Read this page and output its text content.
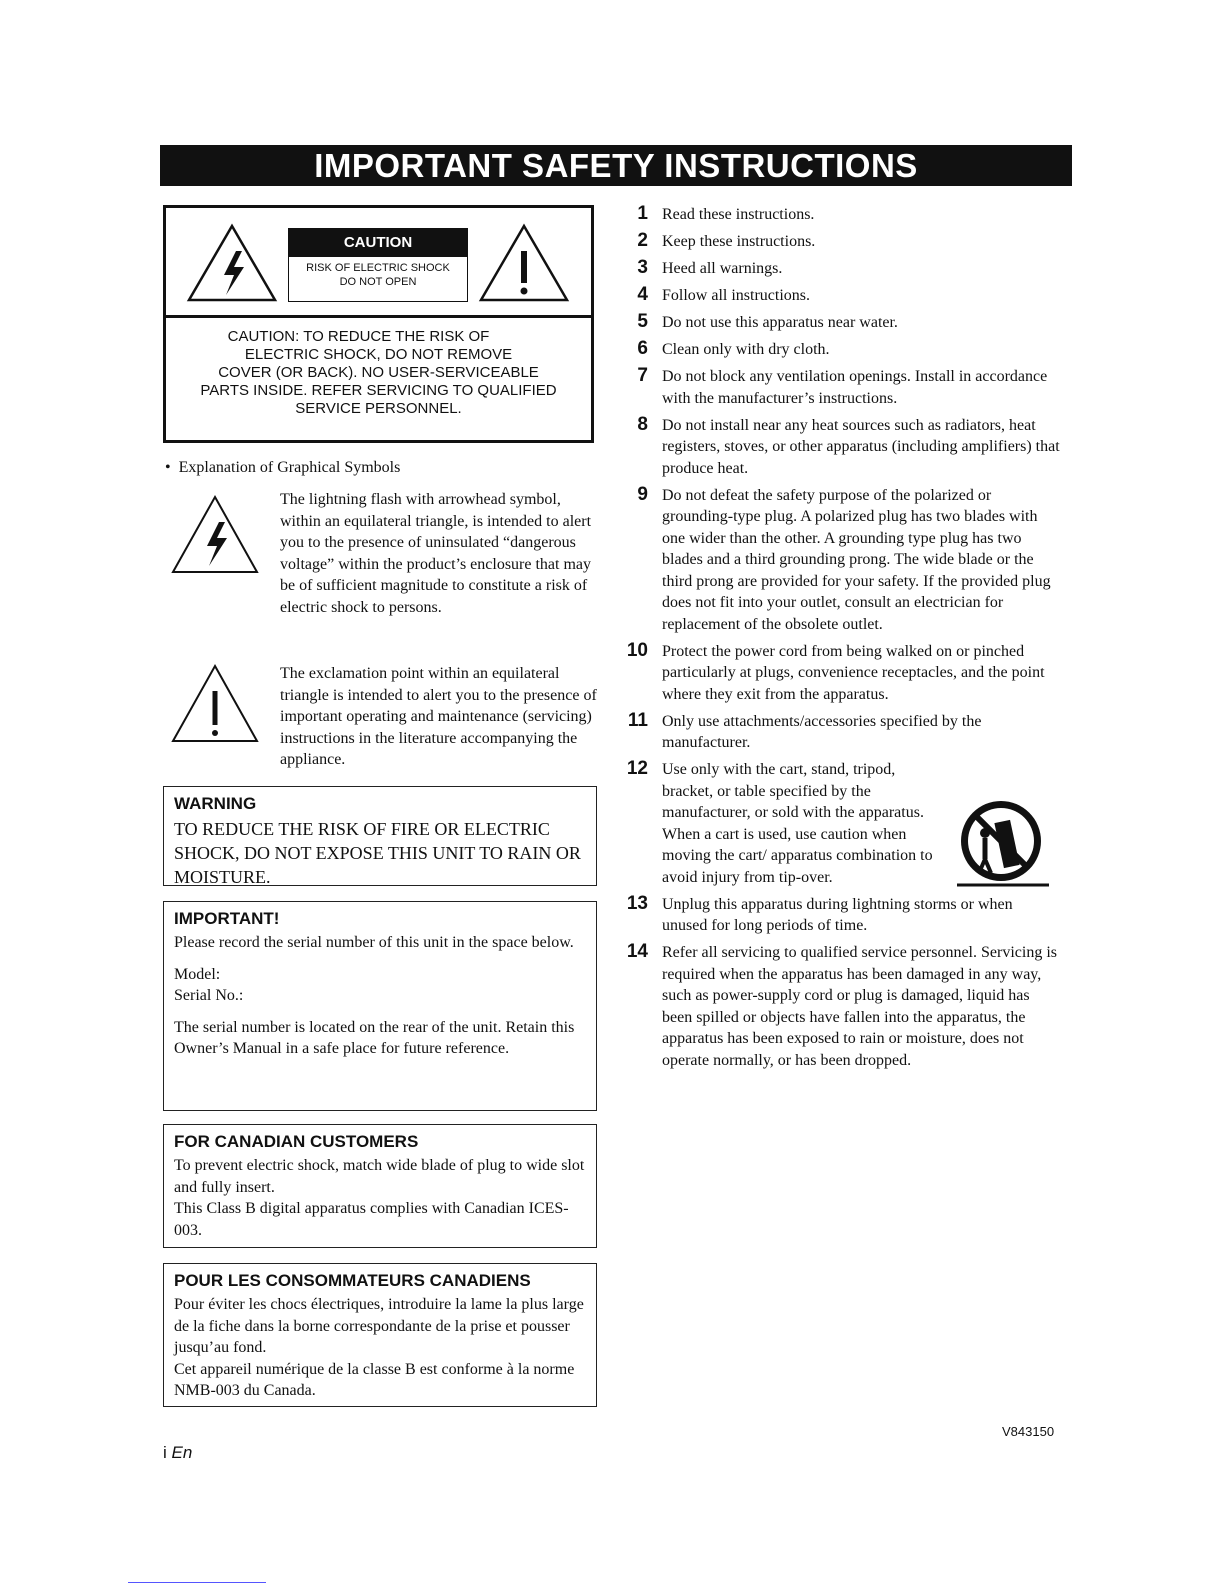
IMPORTANT SAFETY INSTRUCTIONS
CAUTION
RISK OF ELECTRIC SHOCK
DO NOT OPEN
CAUTION: TO REDUCE THE RISK OF
ELECTRIC SHOCK, DO NOT REMOVE
COVER (OR BACK). NO USER-SERVICEABLE
PARTS INSIDE. REFER SERVICING TO QUALIFIED
SERVICE PERSONNEL.
•  Explanation of Graphical Symbols
The lightning flash with arrowhead symbol, within an equilateral triangle, is intended to alert you to the presence of uninsulated “dangerous voltage” within the product’s enclosure that may be of sufficient magnitude to constitute a risk of electric shock to persons.
The exclamation point within an equilateral triangle is intended to alert you to the presence of important operating and maintenance (servicing) instructions in the literature accompanying the appliance.
WARNING
TO REDUCE THE RISK OF FIRE OR ELECTRIC SHOCK, DO NOT EXPOSE THIS UNIT TO RAIN OR MOISTURE.
IMPORTANT!

Please record the serial number of this unit in the space below.

Model:
Serial No.:

The serial number is located on the rear of the unit. Retain this Owner’s Manual in a safe place for future reference.

FOR CANADIAN CUSTOMERS
To prevent electric shock, match wide blade of plug to wide slot and fully insert.
This Class B digital apparatus complies with Canadian ICES-003.
POUR LES CONSOMMATEURS CANADIENS
Pour éviter les chocs électriques, introduire la lame la plus large de la fiche dans la borne correspondante de la prise et pousser jusqu’au fond.
Cet appareil numérique de la classe B est conforme à la norme NMB-003 du Canada.
1 Read these instructions.
2 Keep these instructions.
3 Heed all warnings.
4 Follow all instructions.
5 Do not use this apparatus near water.
6 Clean only with dry cloth.
7 Do not block any ventilation openings. Install in accordance with the manufacturer’s instructions.
8 Do not install near any heat sources such as radiators, heat registers, stoves, or other apparatus (including amplifiers) that produce heat.
9 Do not defeat the safety purpose of the polarized or grounding-type plug. A polarized plug has two blades with one wider than the other. A grounding type plug has two blades and a third grounding prong. The wide blade or the third prong are provided for your safety. If the provided plug does not fit into your outlet, consult an electrician for replacement of the obsolete outlet.
10 Protect the power cord from being walked on or pinched particularly at plugs, convenience receptacles, and the point where they exit from the apparatus.
11 Only use attachments/accessories specified by the manufacturer.
12 Use only with the cart, stand, tripod, bracket, or table specified by the manufacturer, or sold with the apparatus. When a cart is used, use caution when moving the cart/ apparatus combination to avoid injury from tip-over.
13 Unplug this apparatus during lightning storms or when unused for long periods of time.
14 Refer all servicing to qualified service personnel. Servicing is required when the apparatus has been damaged in any way, such as power-supply cord or plug is damaged, liquid has been spilled or objects have fallen into the apparatus, the apparatus has been exposed to rain or moisture, does not operate normally, or has been dropped.
i En
V843150
